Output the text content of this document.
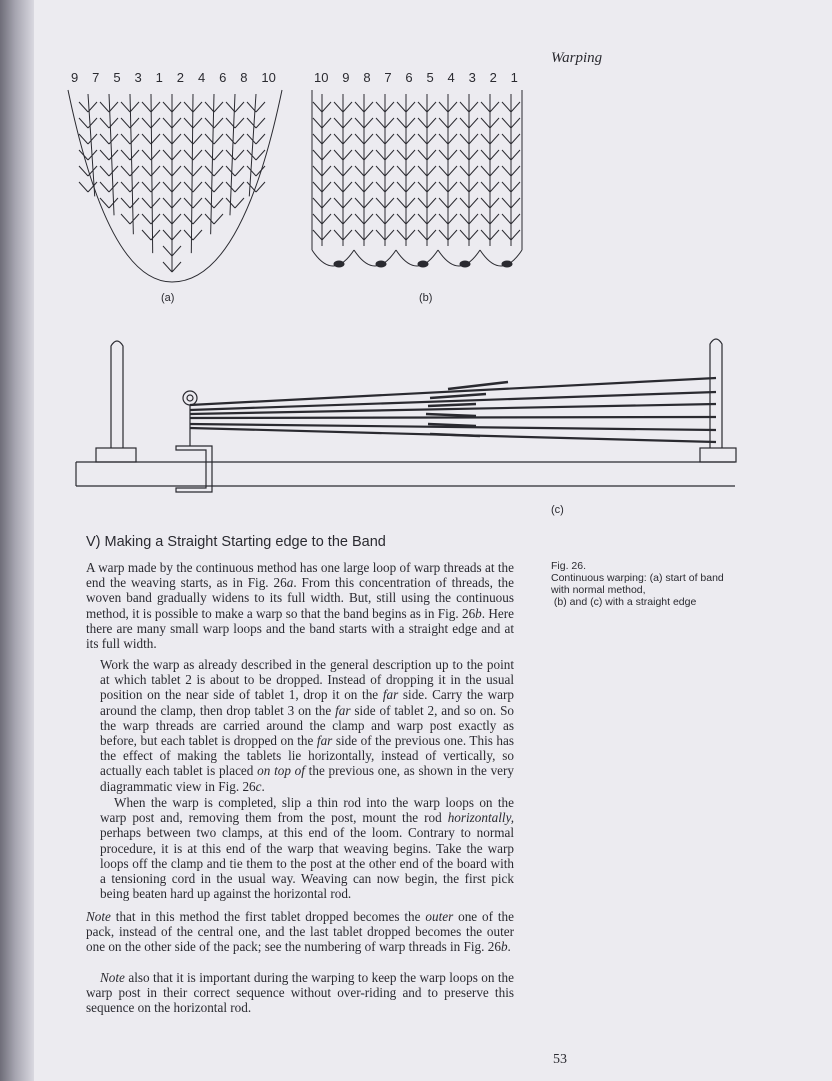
Warping
9 7 5 3 1 2 4 6 8 10	10 9 8 7 6 5 4 3 2 1
(a)	(b)
(c)
Fig. 26.
Continuous warping: (a) start of band
with normal method,
(b) and (c) with a straight edge
V) Making a Straight Starting edge to the Band

A warp made by the continuous method has one large loop of warp threads at the end the weaving starts, as in Fig. 26a. From this concentration of threads, the woven band gradually widens to its full width. But, still using the continuous method, it is possible to make a warp so that the band begins as in Fig. 26b. Here there are many small warp loops and the band starts with a straight edge and at its full width.

Work the warp as already described in the general description up to the point at which tablet 2 is about to be dropped. Instead of dropping it in the usual position on the near side of tablet 1, drop it on the far side. Carry the warp around the clamp, then drop tablet 3 on the far side of tablet 2, and so on. So the warp threads are carried around the clamp and warp post exactly as before, but each tablet is dropped on the far side of the previous one. This has the effect of making the tablets lie horizontally, instead of vertically, so actually each tablet is placed on top of the previous one, as shown in the very diagrammatic view in Fig. 26c.

When the warp is completed, slip a thin rod into the warp loops on the warp post and, removing them from the post, mount the rod horizontally, perhaps between two clamps, at this end of the loom. Contrary to normal procedure, it is at this end of the warp that weaving begins. Take the warp loops off the clamp and tie them to the post at the other end of the board with a tensioning cord in the usual way. Weaving can now begin, the first pick being beaten hard up against the horizontal rod.

Note that in this method the first tablet dropped becomes the outer one of the pack, instead of the central one, and the last tablet dropped becomes the outer one on the other side of the pack; see the numbering of warp threads in Fig. 26b.

Note also that it is important during the warping to keep the warp loops on the warp post in their correct sequence without over-riding and to preserve this sequence on the horizontal rod.

53
